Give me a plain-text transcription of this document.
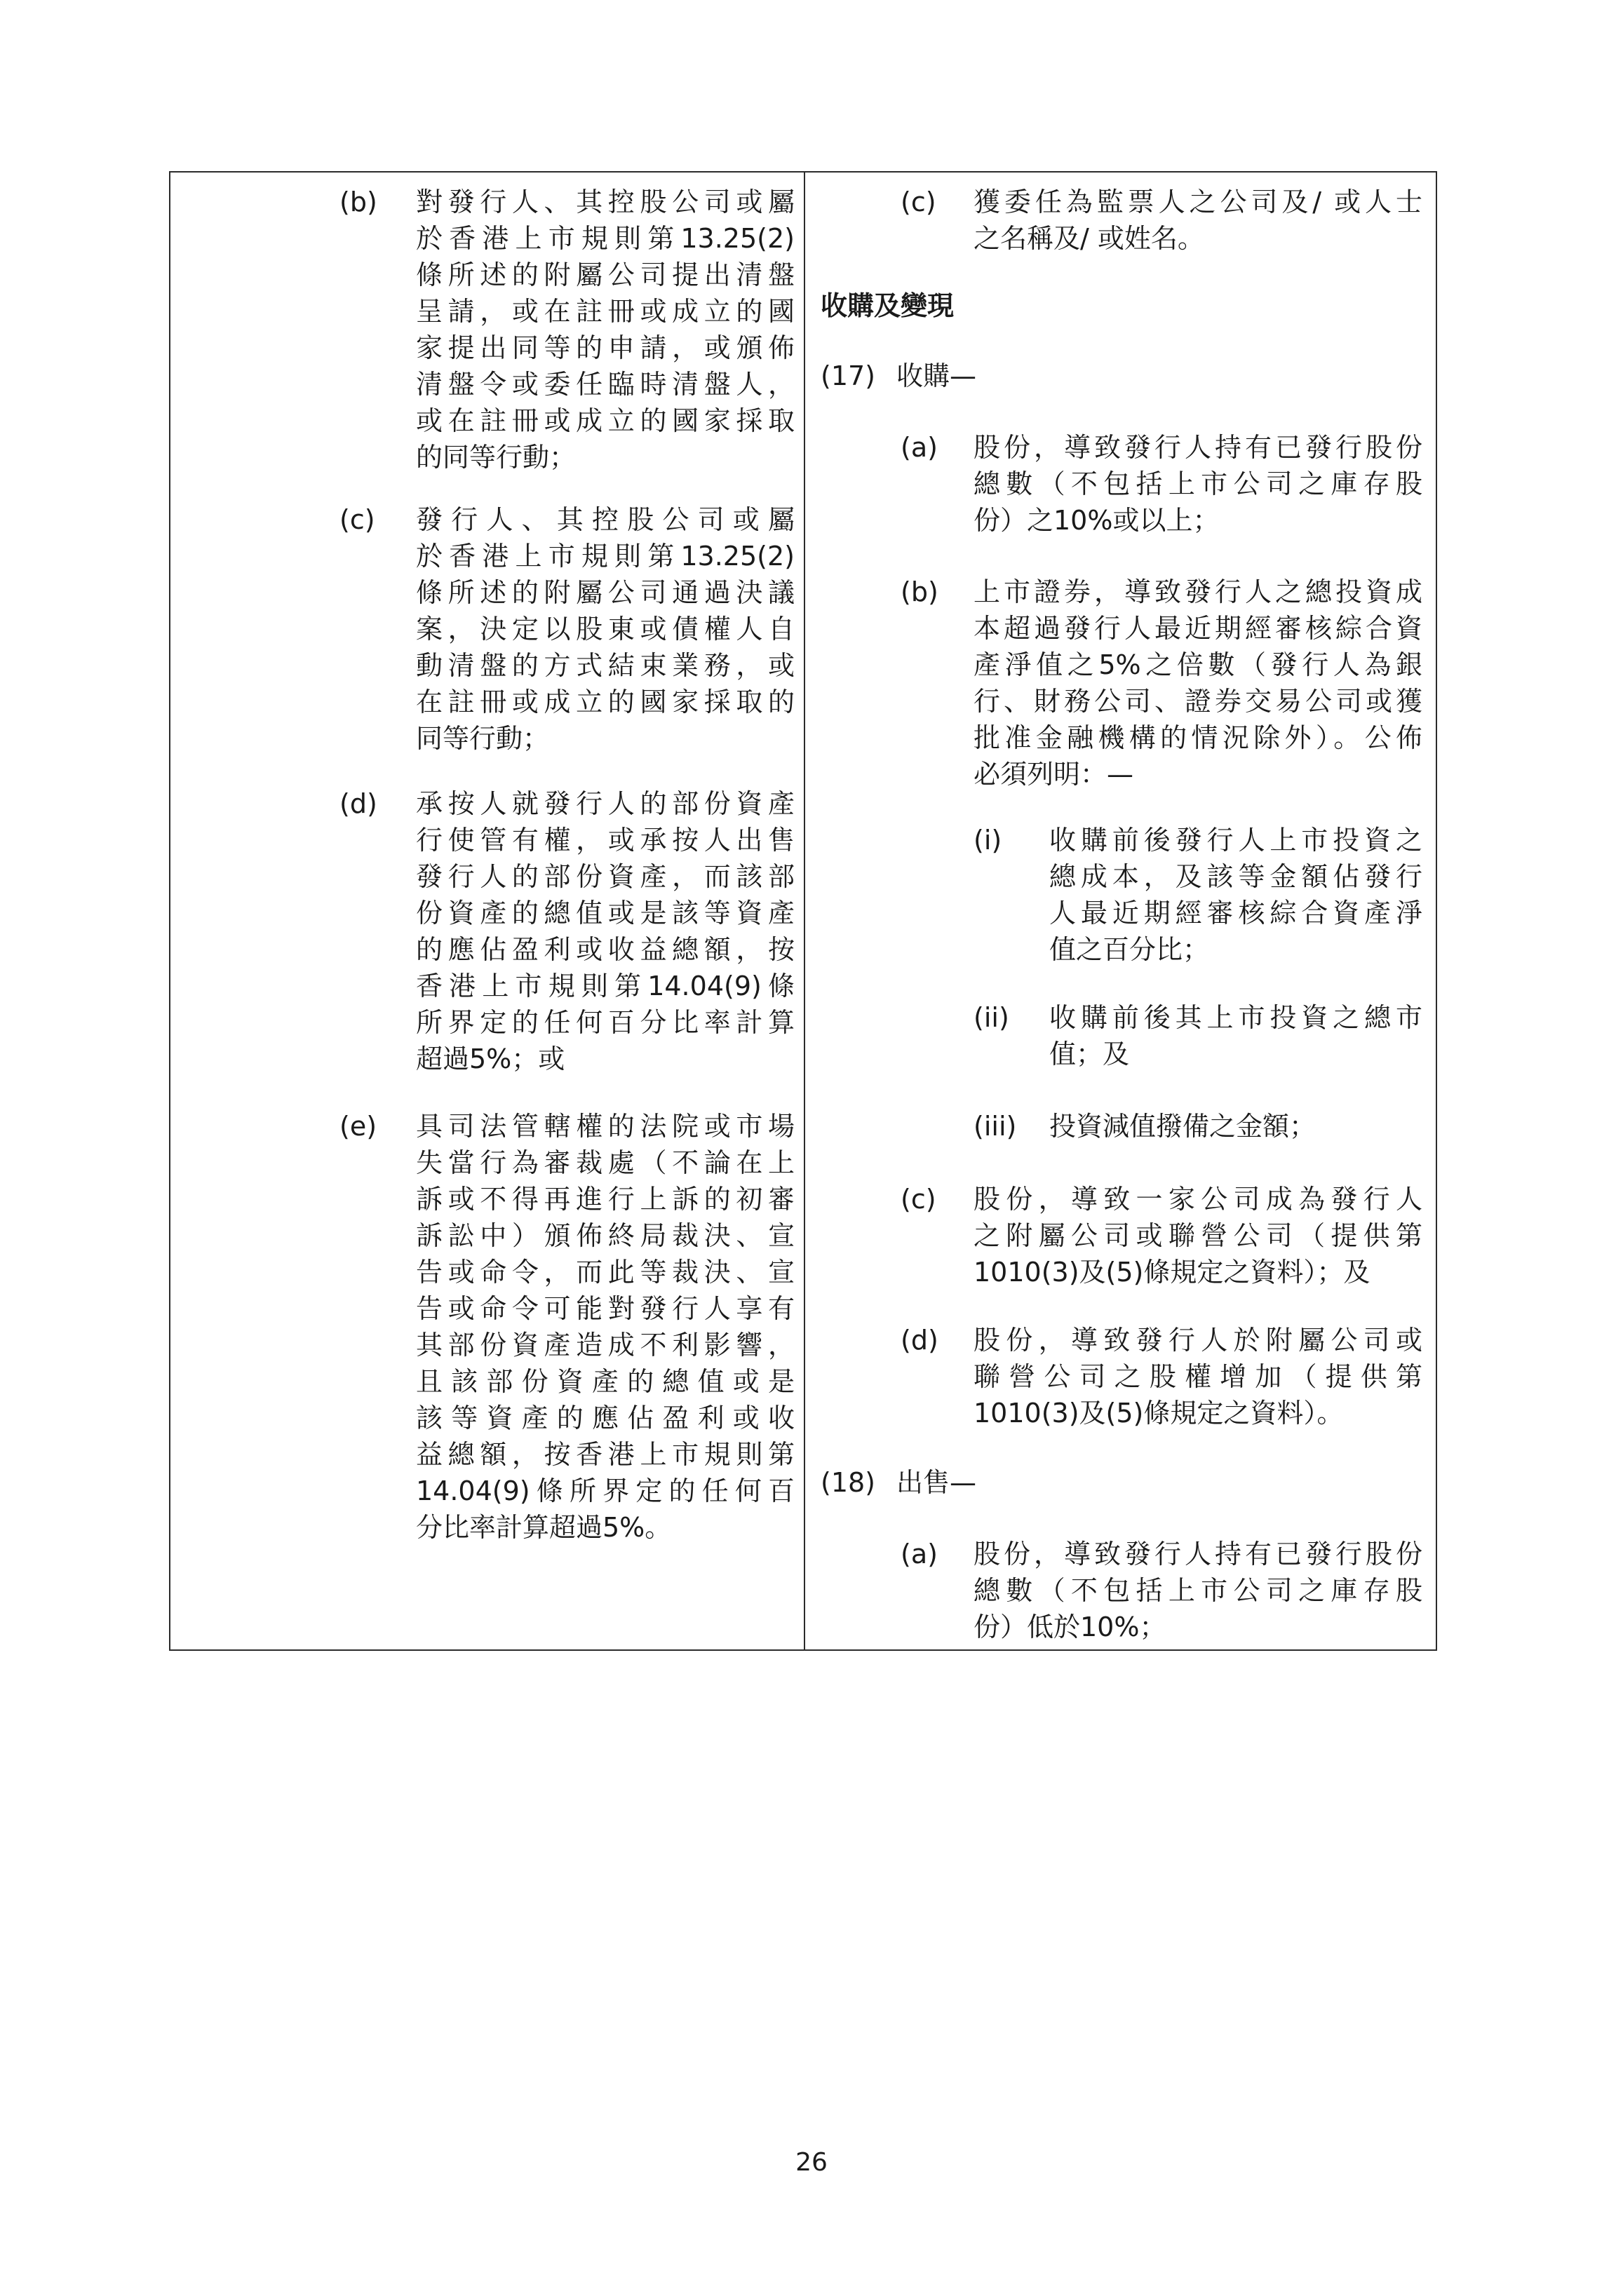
(b) 對發行人、其控股公司或屬
於香港上市規則第13.25(2)
條所述的附屬公司提出清盤
呈請，或在註冊或成立的國
家提出同等的申請，或頒佈
清盤令或委任臨時清盤人，
或在註冊或成立的國家採取
的同等行動；
(c) 發行人、其控股公司或屬
於香港上市規則第13.25(2)
條所述的附屬公司通過決議
案，決定以股東或債權人自
動清盤的方式結束業務，或
在註冊或成立的國家採取的
同等行動；
(d) 承按人就發行人的部份資產
行使管有權，或承按人出售
發行人的部份資產，而該部
份資產的總值或是該等資產
的應佔盈利或收益總額，按
香港上市規則第14.04(9)條
所界定的任何百分比率計算
超過5%；或
(e) 具司法管轄權的法院或市場
失當行為審裁處（不論在上
訴或不得再進行上訴的初審
訴訟中）頒佈終局裁決、宣
告或命令，而此等裁決、宣
告或命令可能對發行人享有
其部份資產造成不利影響，
且該部份資產的總值或是
該等資產的應佔盈利或收
益總額，按香港上市規則第
14.04(9)條所界定的任何百
分比率計算超過5%。
(c) 獲委任為監票人之公司及/ 或人士
之名稱及/ 或姓名。
收購及變現
(17) 收購—
(a) 股份，導致發行人持有已發行股份
總數（不包括上市公司之庫存股
份）之10%或以上；
(b) 上市證券，導致發行人之總投資成
本超過發行人最近期經審核綜合資
產淨值之5%之倍數（發行人為銀
行、財務公司、證券交易公司或獲
批准金融機構的情況除外）。公佈
必須列明：—
(i) 收購前後發行人上市投資之
總成本，及該等金額佔發行
人最近期經審核綜合資產淨
值之百分比；
(ii) 收購前後其上市投資之總市
值；及
(iii) 投資減值撥備之金額；
(c) 股份，導致一家公司成為發行人
之附屬公司或聯營公司（提供第
1010(3)及(5)條規定之資料）；及
(d) 股份，導致發行人於附屬公司或
聯營公司之股權增加（提供第
1010(3)及(5)條規定之資料）。
(18) 出售—
(a) 股份，導致發行人持有已發行股份
總數（不包括上市公司之庫存股
份）低於10%；
26
